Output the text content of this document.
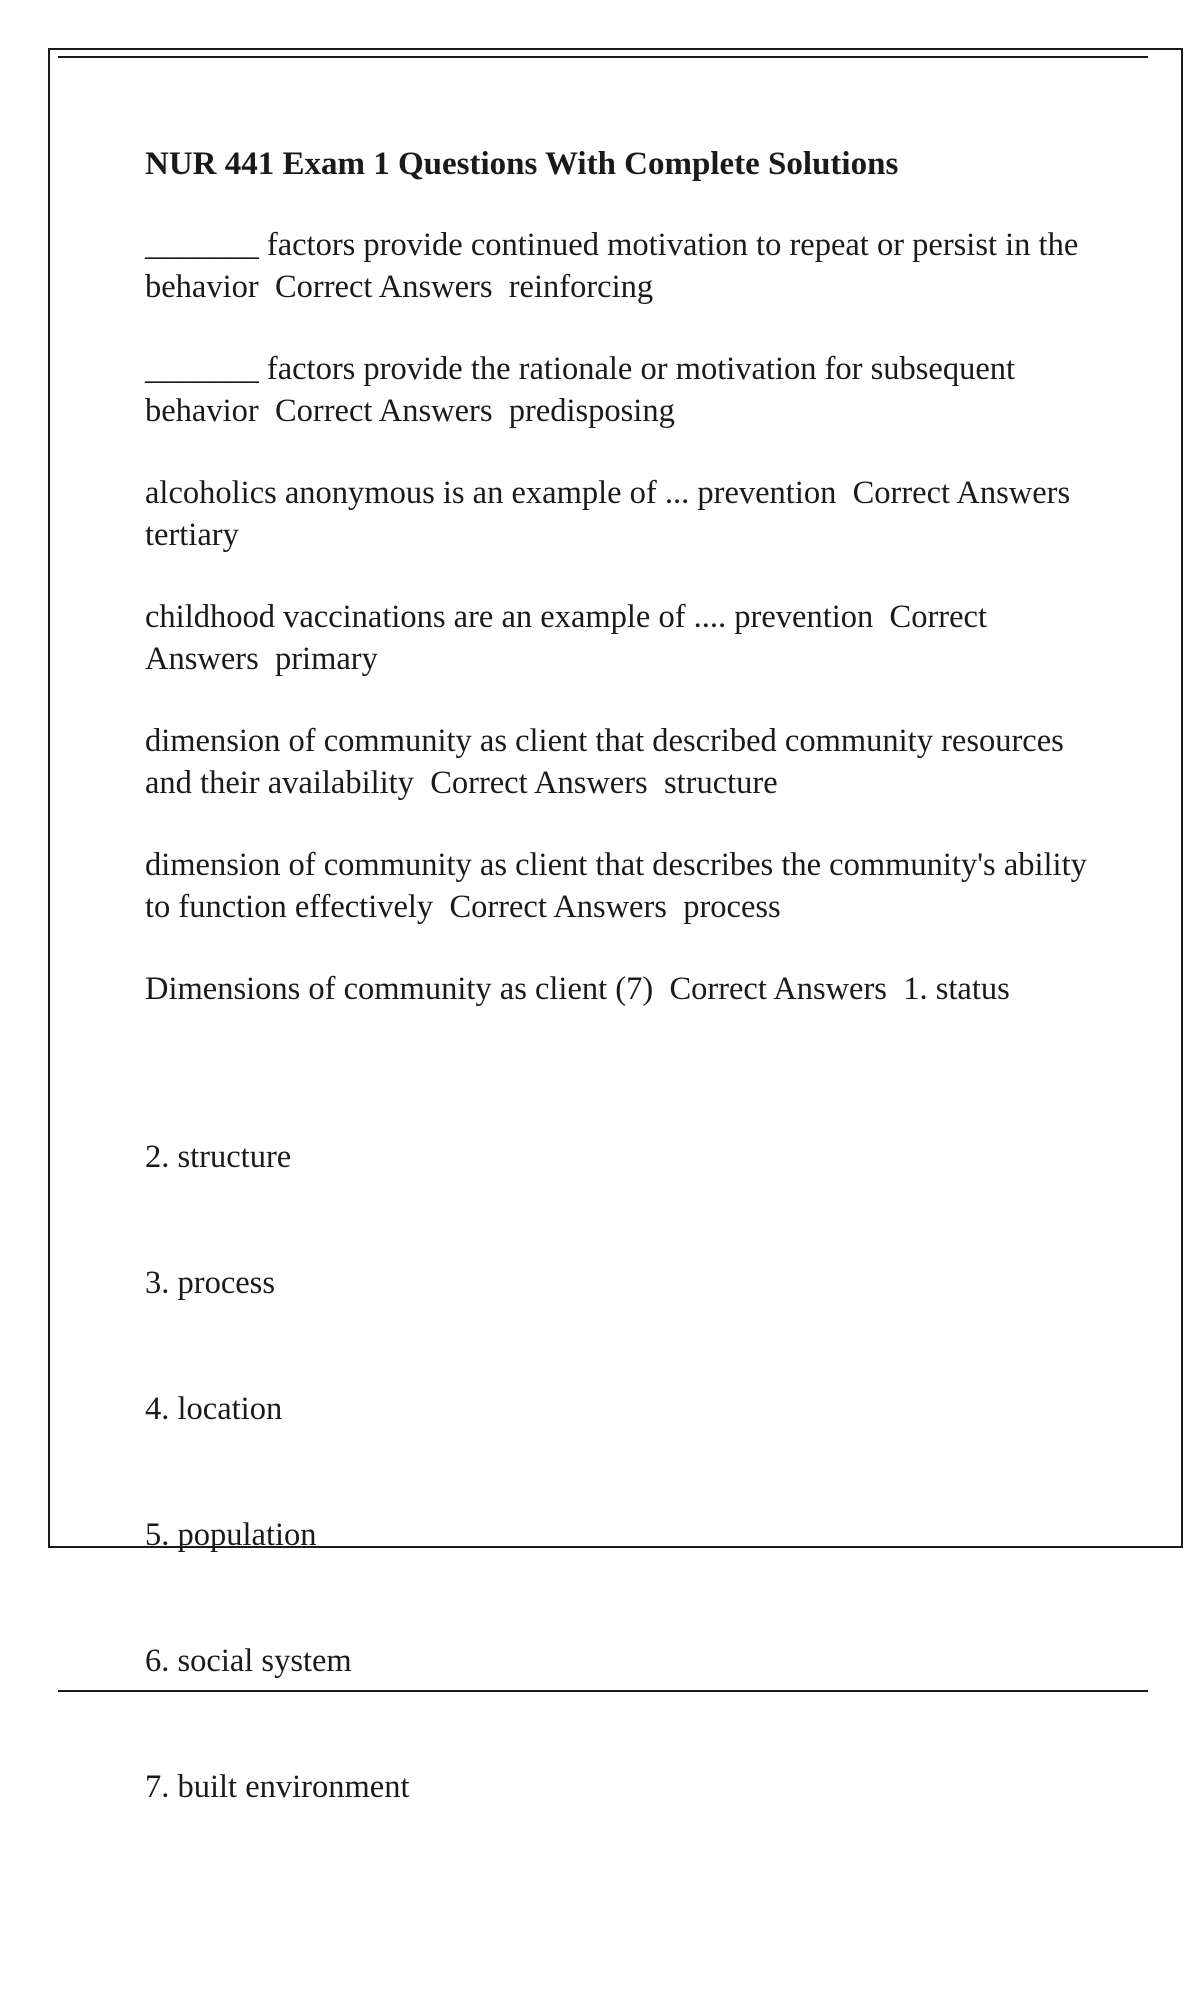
NUR 441 Exam 1 Questions With Complete Solutions
_______ factors provide continued motivation to repeat or persist in the behavior  Correct Answers  reinforcing
_______ factors provide the rationale or motivation for subsequent behavior  Correct Answers  predisposing
alcoholics anonymous is an example of ... prevention  Correct Answers  tertiary
childhood vaccinations are an example of .... prevention  Correct Answers  primary
dimension of community as client that described community resources and their availability  Correct Answers  structure
dimension of community as client that describes the community's ability to function effectively  Correct Answers  process
Dimensions of community as client (7)  Correct Answers  1. status

2. structure

3. process

4. location

5. population

6. social system

7. built environment
